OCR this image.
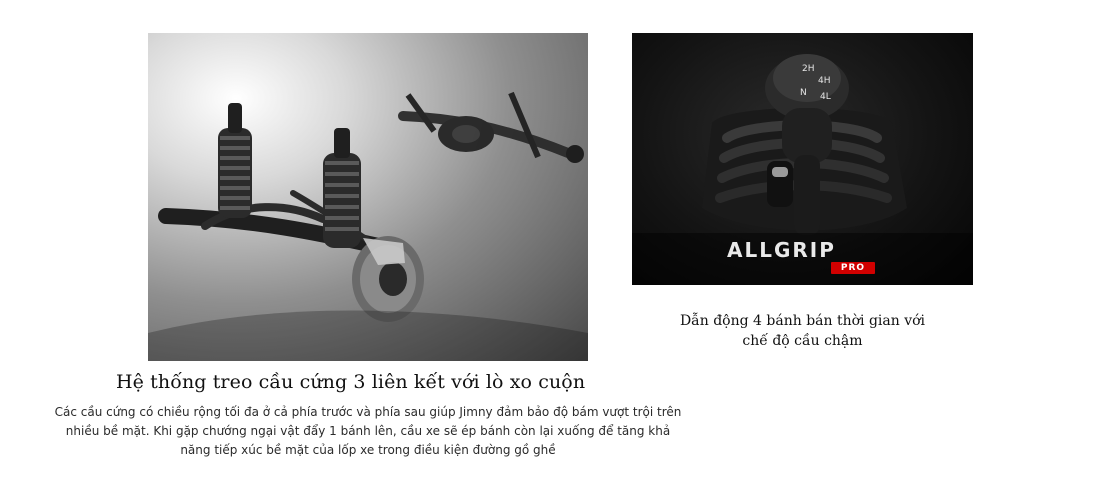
Hệ thống treo cầu cứng 3 liên kết với lò xo cuộn
Các cầu cứng có chiều rộng tối đa ở cả phía trước và phía sau giúp Jimny đảm bảo độ bám vượt trội trên nhiều bề mặt. Khi gặp chướng ngại vật đẩy 1 bánh lên, cầu xe sẽ ép bánh còn lại xuống để tăng khả năng tiếp xúc bề mặt của lốp xe trong điều kiện đường gồ ghề
2H
4H
N 4L
ALLGRIP
PRO
Dẫn động 4 bánh bán thời gian với
chế độ cầu chậm
